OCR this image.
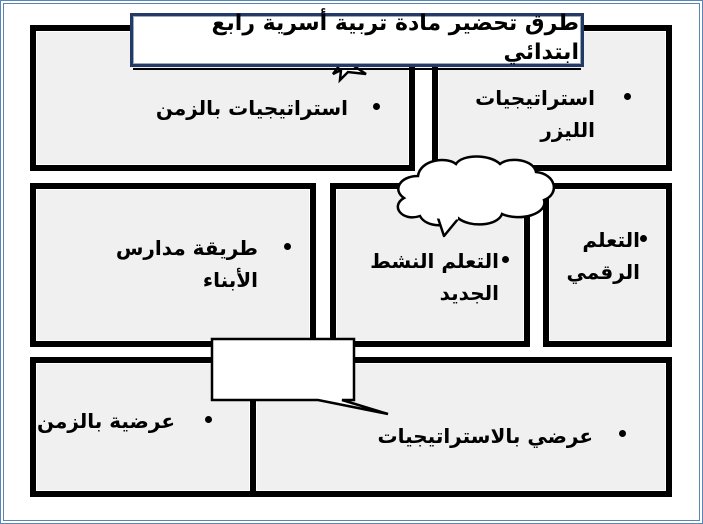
استراتيجيات بالزمن	استراتيجيات الليزر
طريقة مدارس الأبناء
التعلم النشط الجديد
التعلم الرقمي
عرضية بالزمن
عرضي بالاستراتيجيات
طرق تحضير مادة تربية أسرية رابع ابتدائي
